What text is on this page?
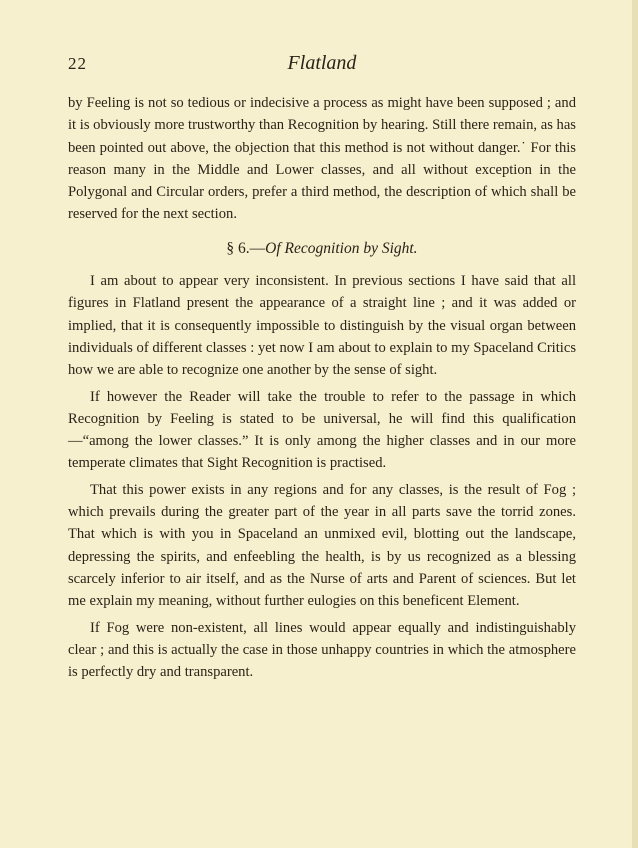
22	Flatland

by Feeling is not so tedious or indecisive a process as might have been supposed ; and it is obviously more trustworthy than Recognition by hearing. Still there remain, as has been pointed out above, the objection that this method is not without danger.˙ For this reason many in the Middle and Lower classes, and all without exception in the Polygonal and Circular orders, prefer a third method, the description of which shall be reserved for the next section.

§ 6.—Of Recognition by Sight.

I am about to appear very inconsistent. In previous sections I have said that all figures in Flatland present the appearance of a straight line ; and it was added or implied, that it is consequently impossible to distinguish by the visual organ between individuals of different classes : yet now I am about to explain to my Spaceland Critics how we are able to recognize one another by the sense of sight.

If however the Reader will take the trouble to refer to the passage in which Recognition by Feeling is stated to be universal, he will find this qualification—“among the lower classes.” It is only among the higher classes and in our more temperate climates that Sight Recognition is practised.

That this power exists in any regions and for any classes, is the result of Fog ; which prevails during the greater part of the year in all parts save the torrid zones. That which is with you in Spaceland an unmixed evil, blotting out the landscape, depressing the spirits, and enfeebling the health, is by us recognized as a blessing scarcely inferior to air itself, and as the Nurse of arts and Parent of sciences. But let me explain my meaning, without further eulogies on this beneficent Element.

If Fog were non-existent, all lines would appear equally and indistinguishably clear ; and this is actually the case in those unhappy countries in which the atmosphere is perfectly dry and transparent.
